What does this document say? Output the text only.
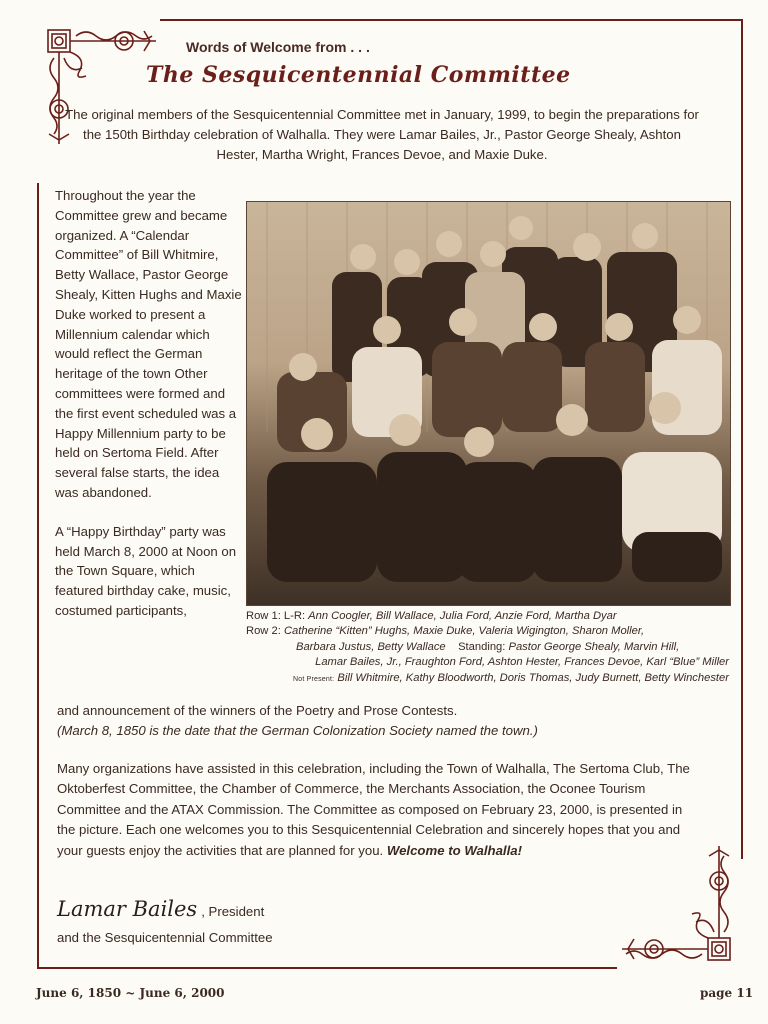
Words of Welcome from . . .
The Sesquicentennial Committee
The original members of the Sesquicentennial Committee met in January, 1999, to begin the preparations for the 150th Birthday celebration of Walhalla. They were Lamar Bailes, Jr., Pastor George Shealy, Ashton Hester, Martha Wright, Frances Devoe, and Maxie Duke.

Throughout the year the Committee grew and became organized. A “Calendar Committee” of Bill Whitmire, Betty Wallace, Pastor George Shealy, Kitten Hughs and Maxie Duke worked to present a Millennium calendar which would reflect the German heritage of the town Other committees were formed and the first event scheduled was a Happy Millennium party to be held on Sertoma Field. After several false starts, the idea was abandoned.

A “Happy Birthday” party was held March 8, 2000 at Noon on the Town Square, which featured birthday cake, music, costumed participants,	Row 1: L-R: Ann Coogler, Bill Wallace, Julia Ford, Anzie Ford, Martha Dyar
Row 2: Catherine “Kitten” Hughs, Maxie Duke, Valeria Wigington, Sharon Moller,
Barbara Justus, Betty Wallace Standing: Pastor George Shealy, Marvin Hill,
Lamar Bailes, Jr., Fraughton Ford, Ashton Hester, Frances Devoe, Karl “Blue” Miller
Not Present: Bill Whitmire, Kathy Bloodworth, Doris Thomas, Judy Burnett, Betty Winchester
and announcement of the winners of the Poetry and Prose Contests.
(March 8, 1850 is the date that the German Colonization Society named the town.)
Many organizations have assisted in this celebration, including the Town of Walhalla, The Sertoma Club, The Oktoberfest Committee, the Chamber of Commerce, the Merchants Association, the Oconee Tourism Committee and the ATAX Commission. The Committee as composed on February 23, 2000, is presented in the picture. Each one welcomes you to this Sesquicentennial Celebration and sincerely hopes that you and your guests enjoy the activities that are planned for you. Welcome to Walhalla!
Lamar Bailes , President
and the Sesquicentennial Committee
June 6, 1850 ~ June 6, 2000	page 11
